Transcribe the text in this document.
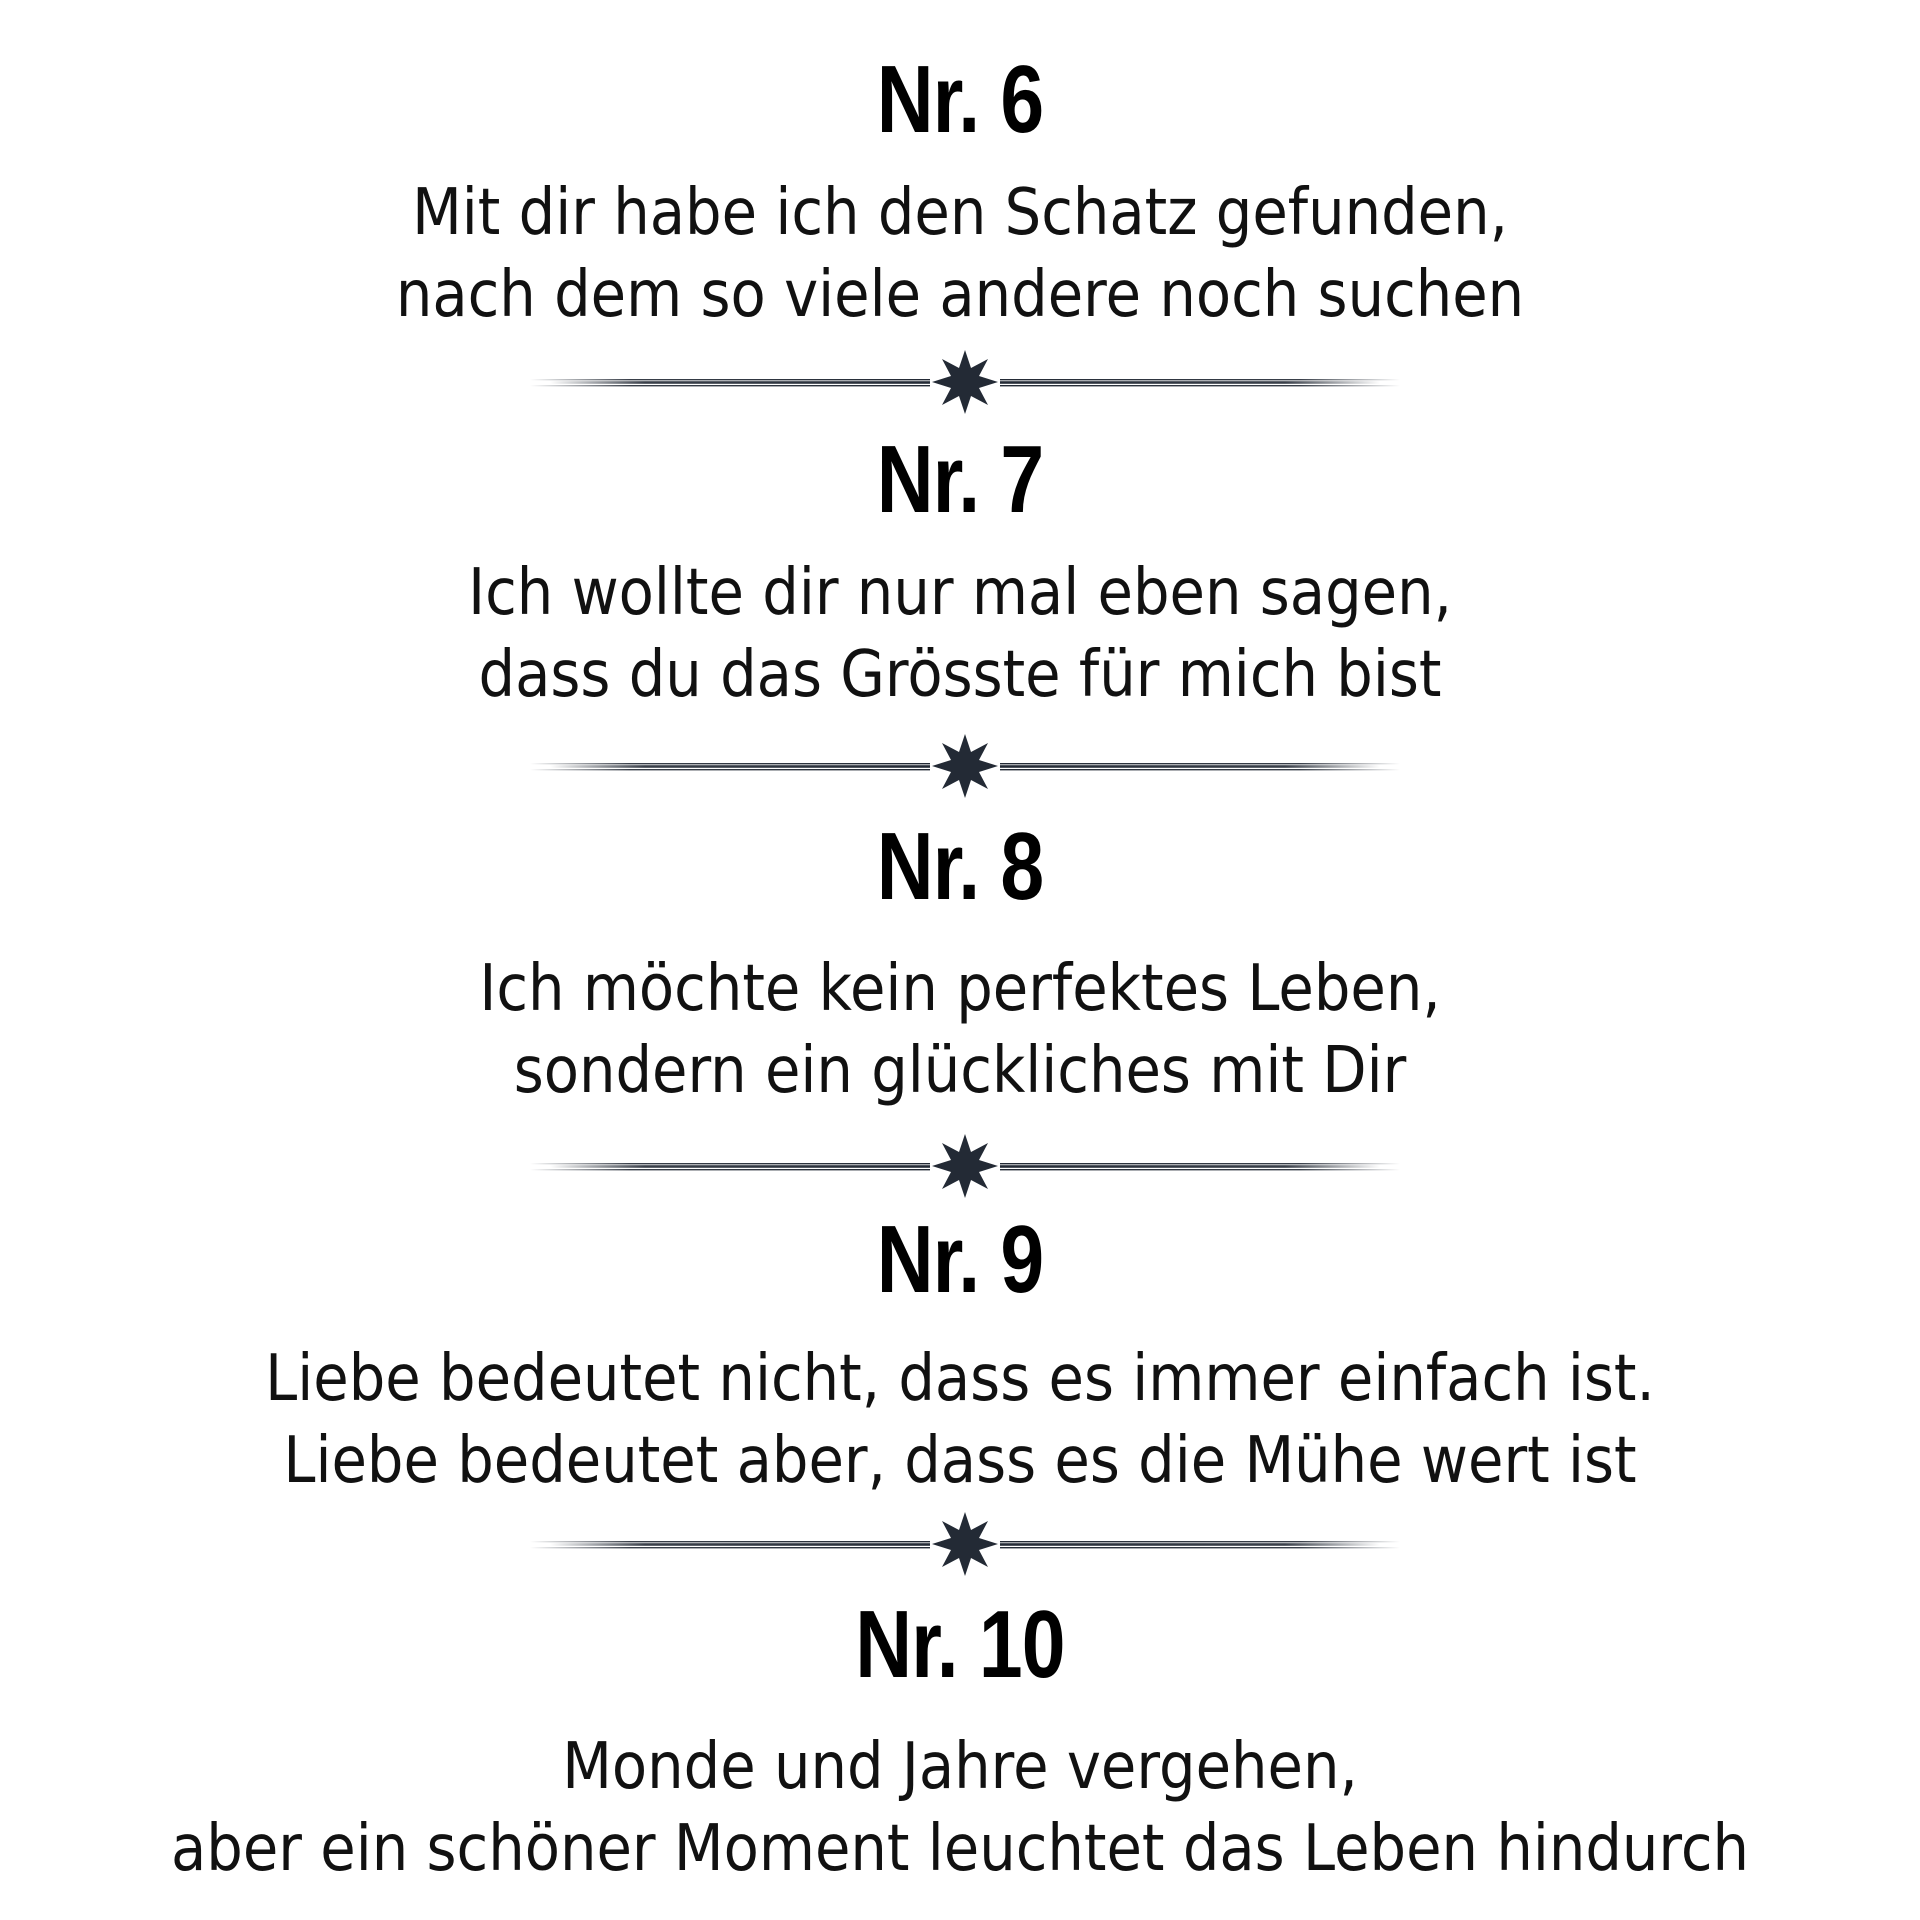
Nr. 6
Mit dir habe ich den Schatz gefunden,
nach dem so viele andere noch suchen
Nr. 7
Ich wollte dir nur mal eben sagen,
dass du das Grösste für mich bist
Nr. 8
Ich möchte kein perfektes Leben,
sondern ein glückliches mit Dir
Nr. 9
Liebe bedeutet nicht, dass es immer einfach ist.
Liebe bedeutet aber, dass es die Mühe wert ist
Nr. 10
Monde und Jahre vergehen,
aber ein schöner Moment leuchtet das Leben hindurch
